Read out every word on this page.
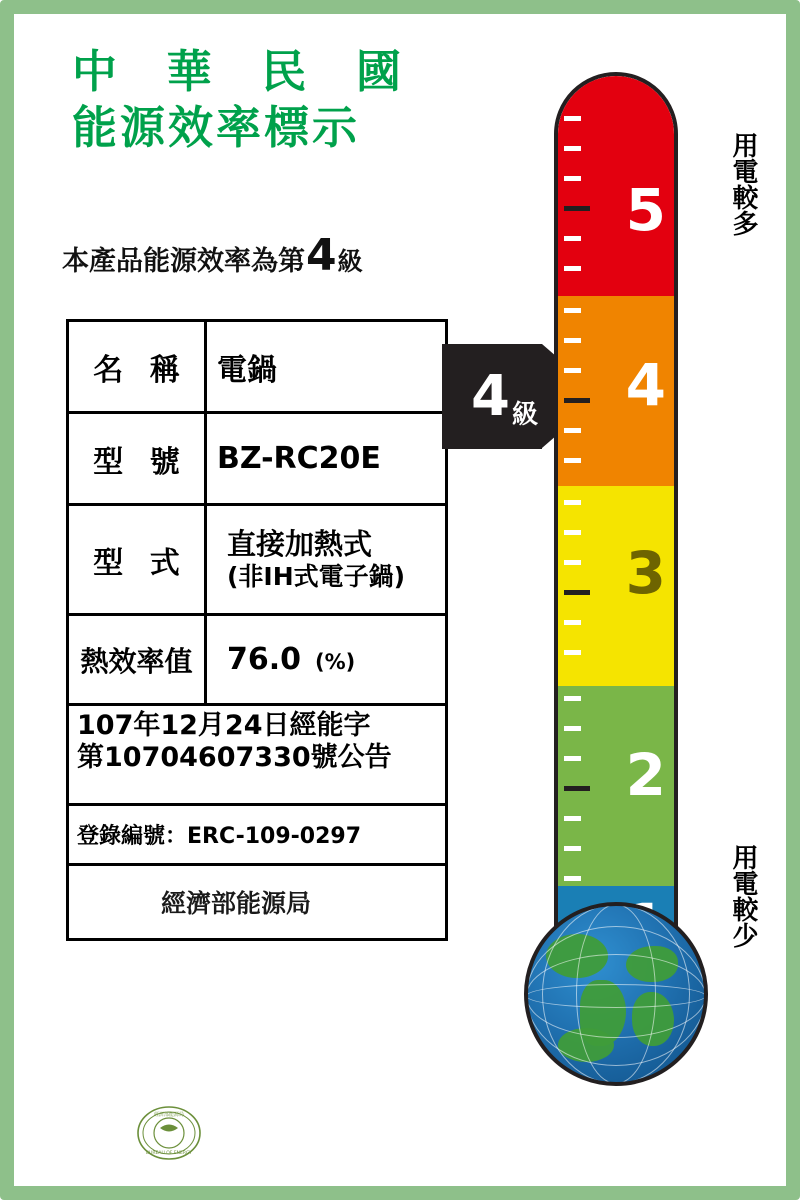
中 華 民 國
能源效率標示
本產品能源效率為第 4 級
名 稱 電鍋
型 號 BZ-RC20E
型 式
直接加熱式
(非IH式電子鍋)
熱效率值	76.0 (%)
107年12月24日經能字
第10704607330號公告
登錄編號：ERC-109-0297
經濟部能源局
經濟部能源局
BUREAU OF ENERGY
4 級
5
4
3
2
用電較多
用電較少
